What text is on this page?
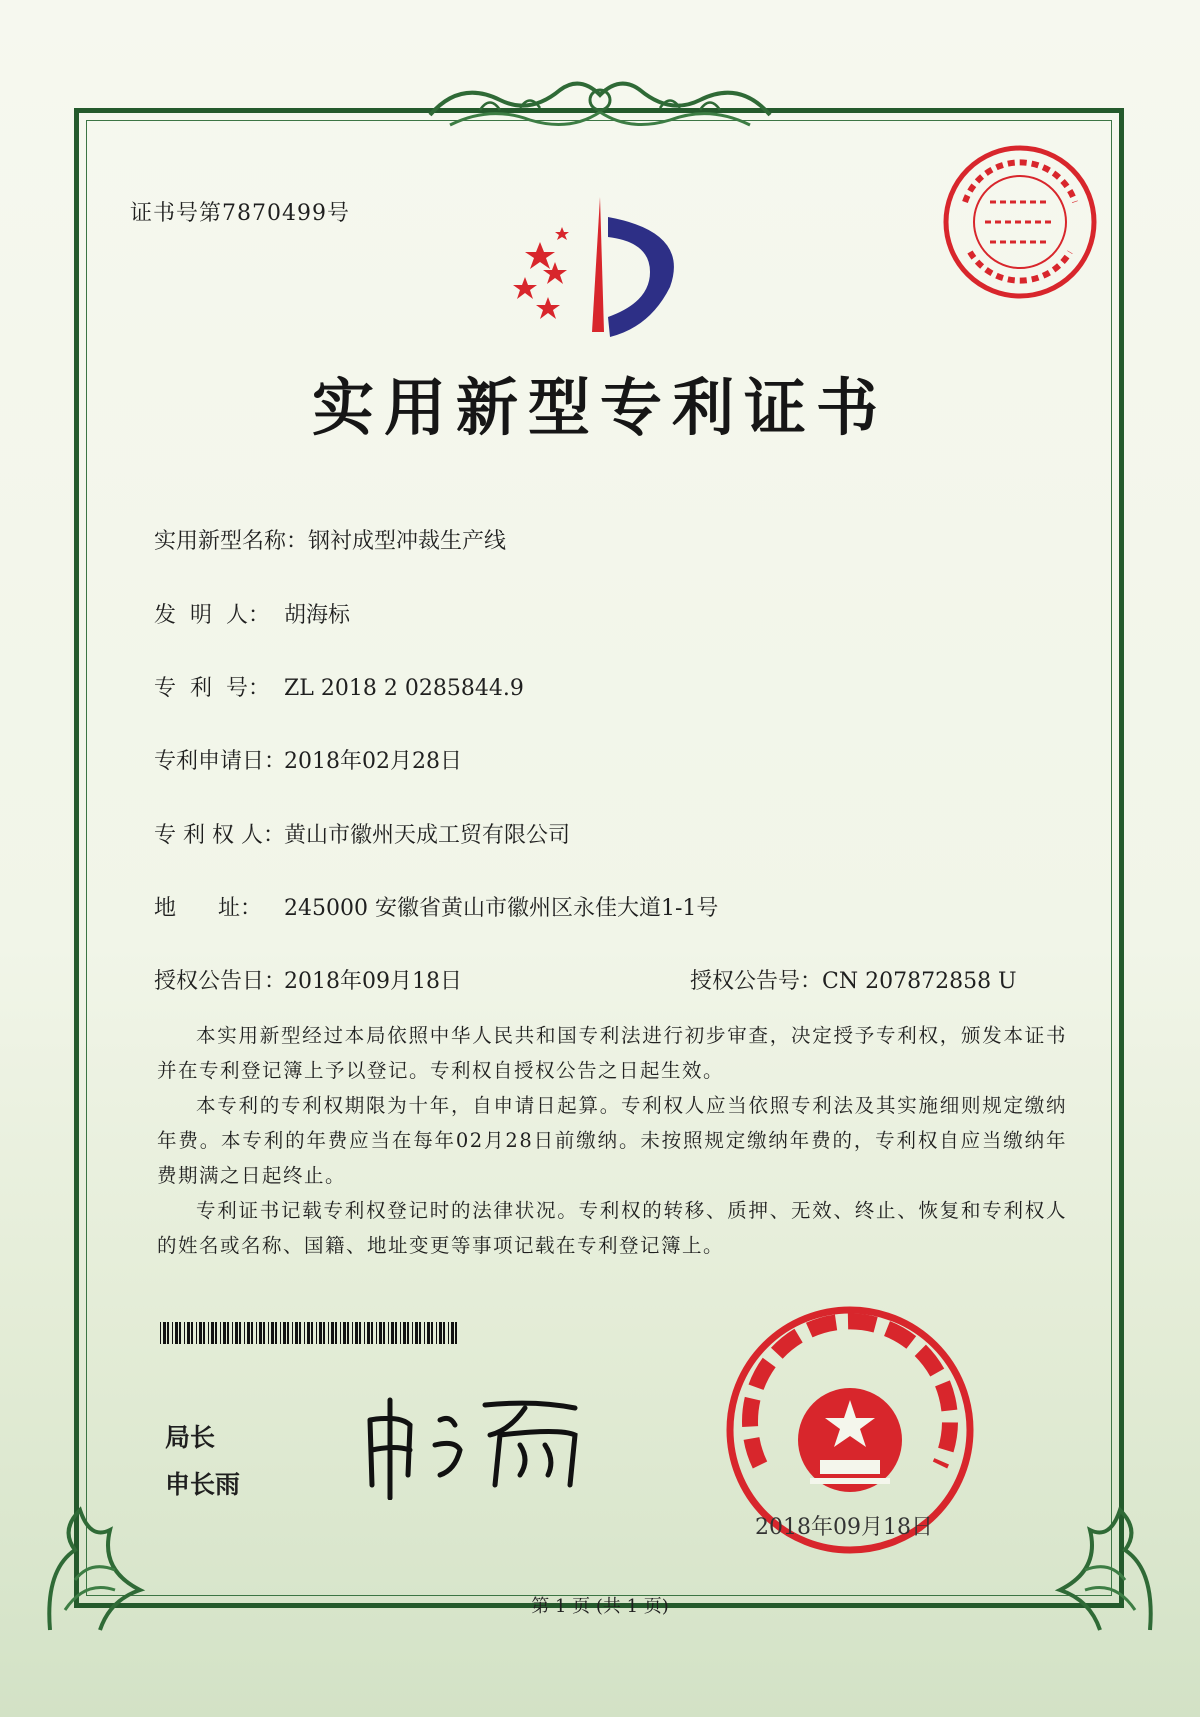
证书号第7870499号
实用新型专利证书
实用新型名称：钢衬成型冲裁生产线
发  明  人： 胡海标
专  利  号： ZL 2018 2 0285844.9
专利申请日：2018年02月28日
专 利 权 人：黄山市徽州天成工贸有限公司
地      址： 245000 安徽省黄山市徽州区永佳大道1-1号
授权公告日：2018年09月18日	授权公告号：CN 207872858 U
本实用新型经过本局依照中华人民共和国专利法进行初步审查，决定授予专利权，颁发本证书并在专利登记簿上予以登记。专利权自授权公告之日起生效。
本专利的专利权期限为十年，自申请日起算。专利权人应当依照专利法及其实施细则规定缴纳年费。本专利的年费应当在每年02月28日前缴纳。未按照规定缴纳年费的，专利权自应当缴纳年费期满之日起终止。
专利证书记载专利权登记时的法律状况。专利权的转移、质押、无效、终止、恢复和专利权人的姓名或名称、国籍、地址变更等事项记载在专利登记簿上。
局长
申长雨
2018年09月18日
第 1 页 (共 1 页)
